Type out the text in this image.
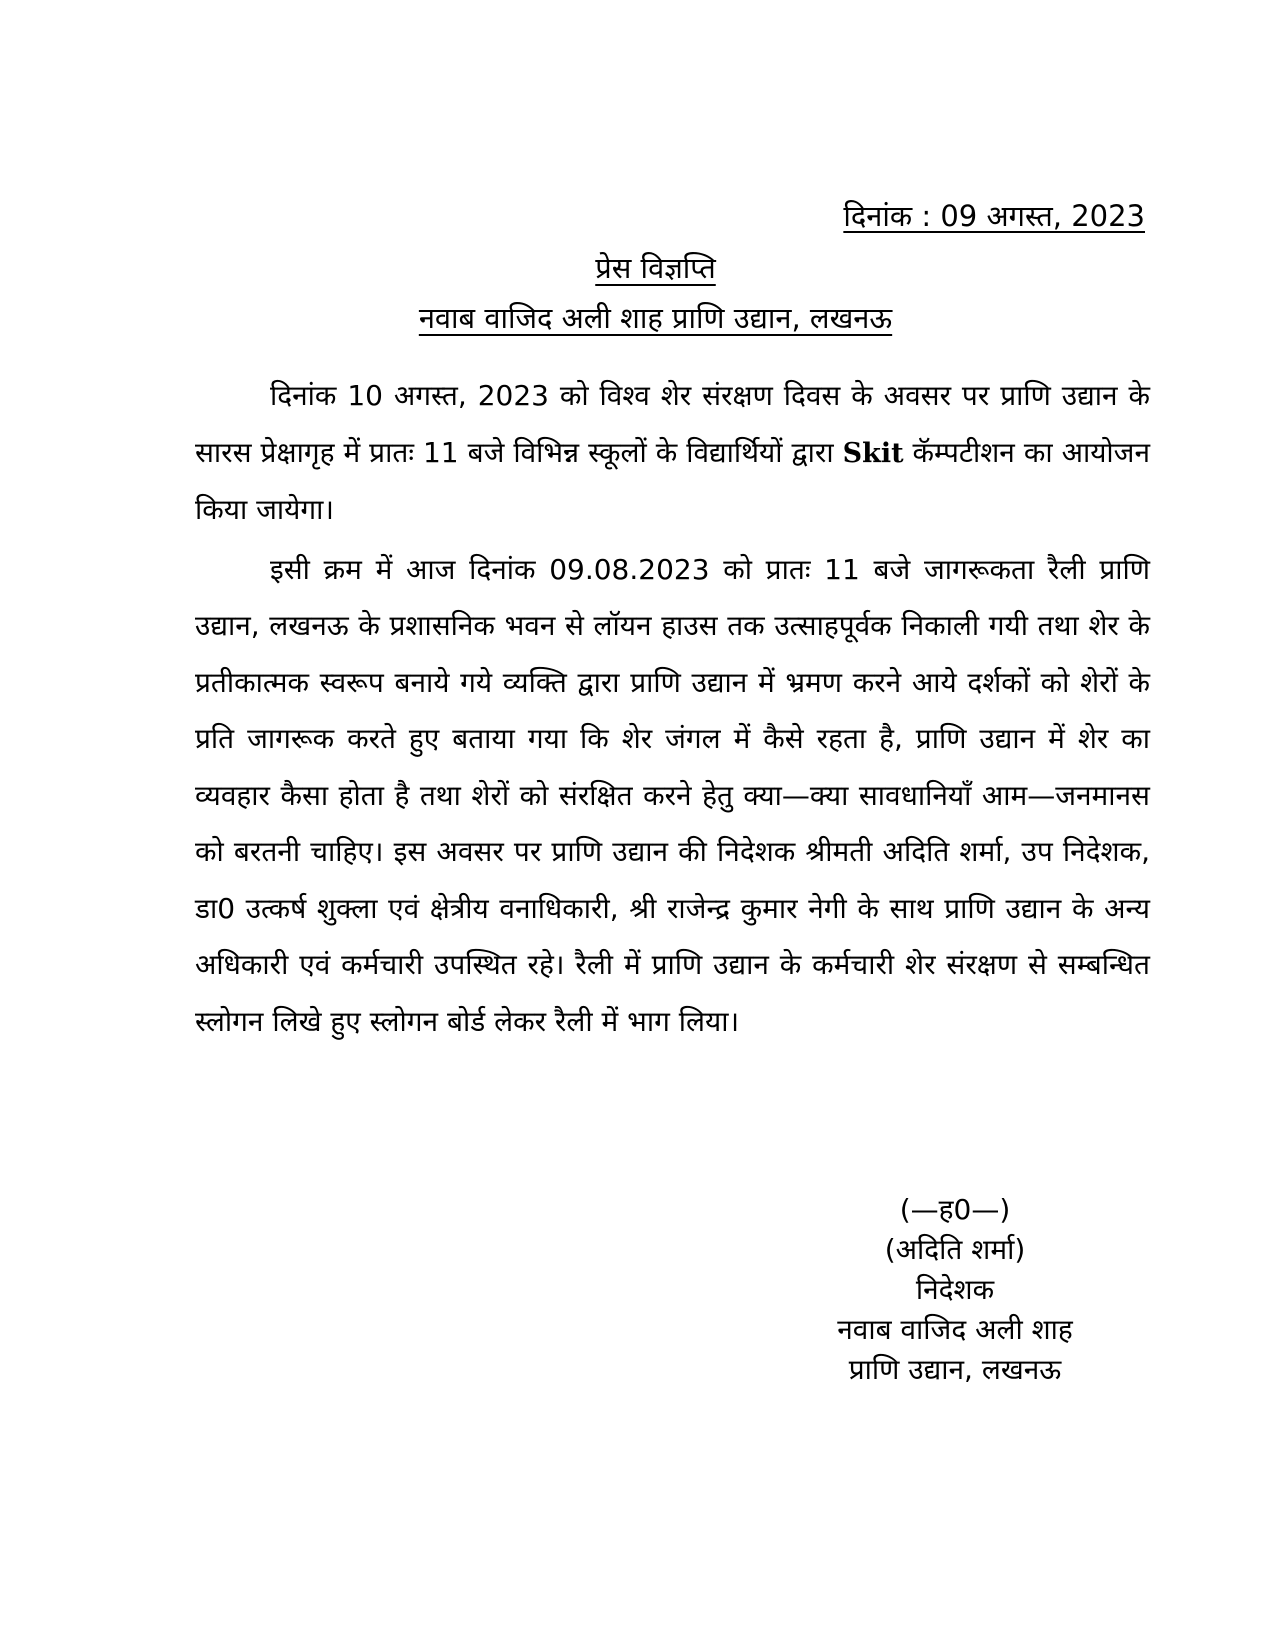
दिनांक : 09 अगस्त, 2023
प्रेस विज्ञप्ति
नवाब वाजिद अली शाह प्राणि उद्यान, लखनऊ

दिनांक 10 अगस्त, 2023 को विश्व शेर संरक्षण दिवस के अवसर पर प्राणि उद्यान के सारस प्रेक्षागृह में प्रातः 11 बजे विभिन्न स्कूलों के विद्यार्थियों द्वारा Skit कॅम्पटीशन का आयोजन किया जायेगा।

इसी क्रम में आज दिनांक 09.08.2023 को प्रातः 11 बजे जागरूकता रैली प्राणि उद्यान, लखनऊ के प्रशासनिक भवन से लॉयन हाउस तक उत्साहपूर्वक निकाली गयी तथा शेर के प्रतीकात्मक स्वरूप बनाये गये व्यक्ति द्वारा प्राणि उद्यान में भ्रमण करने आये दर्शकों को शेरों के प्रति जागरूक करते हुए बताया गया कि शेर जंगल में कैसे रहता है, प्राणि उद्यान में शेर का व्यवहार कैसा होता है तथा शेरों को संरक्षित करने हेतु क्या—क्या सावधानियाँ आम—जनमानस को बरतनी चाहिए। इस अवसर पर प्राणि उद्यान की निदेशक श्रीमती अदिति शर्मा, उप निदेशक, डा0 उत्कर्ष शुक्ला एवं क्षेत्रीय वनाधिकारी, श्री राजेन्द्र कुमार नेगी के साथ प्राणि उद्यान के अन्य अधिकारी एवं कर्मचारी उपस्थित रहे। रैली में प्राणि उद्यान के कर्मचारी शेर संरक्षण से सम्बन्धित स्लोगन लिखे हुए स्लोगन बोर्ड लेकर रैली में भाग लिया।

(—ह0—)
(अदिति शर्मा)
निदेशक
नवाब वाजिद अली शाह
प्राणि उद्यान, लखनऊ
